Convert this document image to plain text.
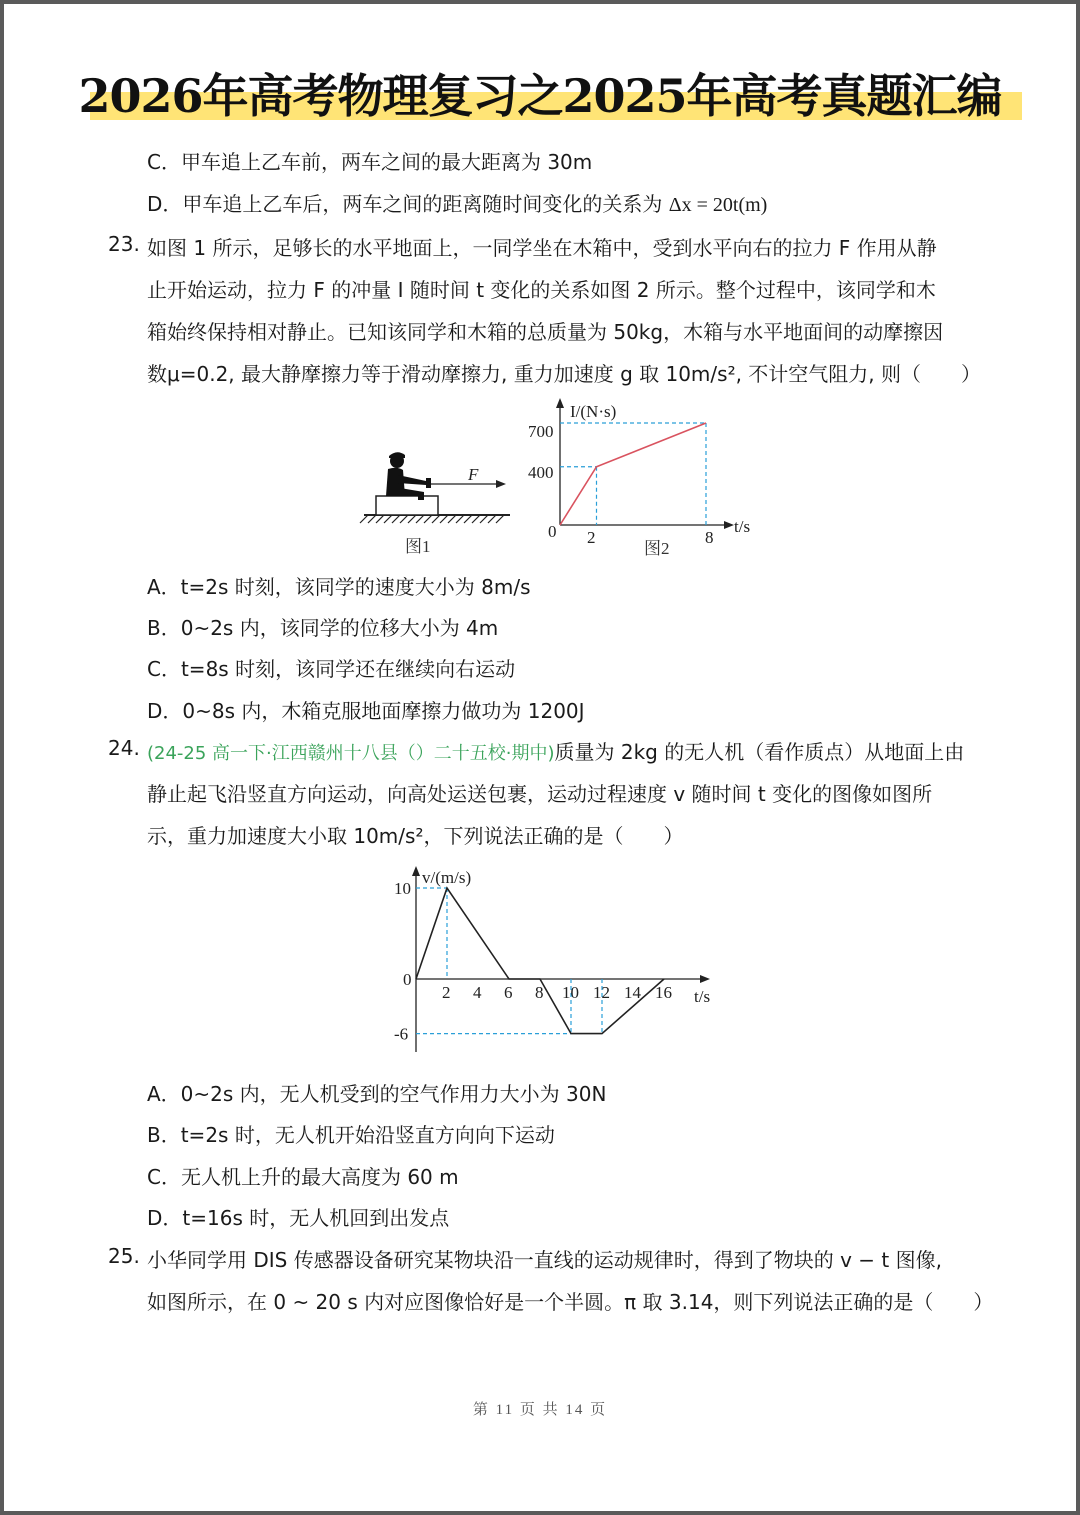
2026年高考物理复习之2025年高考真题汇编
C．甲车追上乙车前，两车之间的最大距离为 30m
D．甲车追上乙车后，两车之间的距离随时间变化的关系为 Δx = 20t(m)
23. 如图 1 所示，足够长的水平地面上，一同学坐在木箱中，受到水平向右的拉力 F 作用从静
止开始运动，拉力 F 的冲量 I 随时间 t 变化的关系如图 2 所示。整个过程中，该同学和木
箱始终保持相对静止。已知该同学和木箱的总质量为 50kg，木箱与水平地面间的动摩擦因
数μ=0.2, 最大静摩擦力等于滑动摩擦力, 重力加速度 g 取 10m/s², 不计空气阻力, 则（　　）
F
图1
I/(N·s)
t/s
0
700
400
2	8
图2
A．t=2s 时刻，该同学的速度大小为 8m/s
B．0~2s 内，该同学的位移大小为 4m
C．t=8s 时刻，该同学还在继续向右运动
D．0~8s 内，木箱克服地面摩擦力做功为 1200J
24. (24-25 高一下·江西赣州十八县（）二十五校·期中)质量为 2kg 的无人机（看作质点）从地面上由
静止起飞沿竖直方向运动，向高处运送包裹，运动过程速度 v 随时间 t 变化的图像如图所
示，重力加速度大小取 10m/s²，下列说法正确的是（　　）
v/(m/s)
t/s
2 4 6 8 10 12 14 16
10
0
-6
A．0~2s 内，无人机受到的空气作用力大小为 30N
B．t=2s 时，无人机开始沿竖直方向向下运动
C．无人机上升的最大高度为 60 m
D．t=16s 时，无人机回到出发点
25. 小华同学用 DIS 传感器设备研究某物块沿一直线的运动规律时，得到了物块的 v − t 图像,
如图所示，在 0 ~ 20 s 内对应图像恰好是一个半圆。π 取 3.14，则下列说法正确的是（　　）
第 11 页 共 14 页
